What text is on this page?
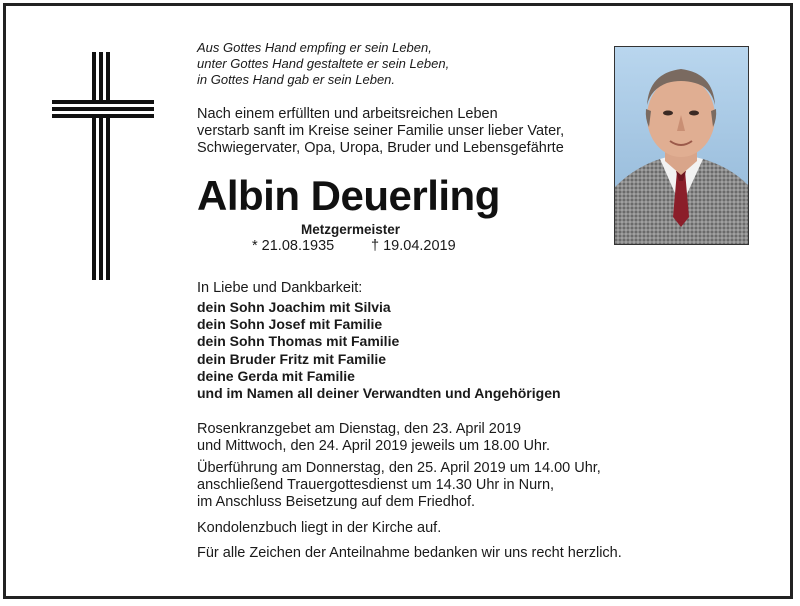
Aus Gottes Hand empfing er sein Leben,
unter Gottes Hand gestaltete er sein Leben,
in Gottes Hand gab er sein Leben.
Nach einem erfüllten und arbeitsreichen Leben
verstarb sanft im Kreise seiner Familie unser lieber Vater,
Schwiegervater, Opa, Uropa, Bruder und Lebensgefährte
Albin Deuerling
Metzgermeister
* 21.08.1935	† 19.04.2019
In Liebe und Dankbarkeit:
dein Sohn Joachim mit Silvia
dein Sohn Josef mit Familie
dein Sohn Thomas mit Familie
dein Bruder Fritz mit Familie
deine Gerda mit Familie
und im Namen all deiner Verwandten und Angehörigen
Rosenkranzgebet am Dienstag, den 23. April 2019
und Mittwoch, den 24. April 2019 jeweils um 18.00 Uhr.
Überführung am Donnerstag, den 25. April 2019 um 14.00 Uhr,
anschließend Trauergottesdienst um 14.30 Uhr in Nurn,
im Anschluss Beisetzung auf dem Friedhof.
Kondolenzbuch liegt in der Kirche auf.
Für alle Zeichen der Anteilnahme bedanken wir uns recht herzlich.
